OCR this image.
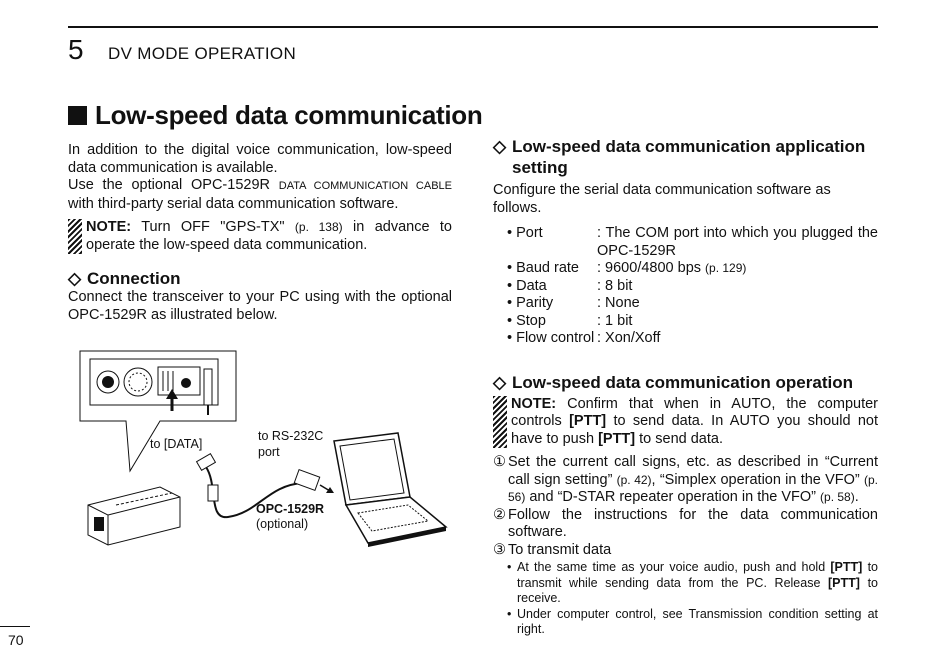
5 DV MODE OPERATION
Low-speed data communication

In addition to the digital voice communication, low-speed data communication is available.

Use the optional OPC-1529R DATA COMMUNICATION CABLE with third-party serial data communication software.

NOTE: Turn OFF "GPS-TX" (p. 138) in advance to operate the low-speed data communication.

◇ Connection

Connect the transceiver to your PC using with the optional OPC-1529R as illustrated below.

to [DATA]
to RS-232C
port
OPC-1529R
(optional)
◇ Low-speed data communication application setting

Configure the serial data communication software as follows.

• Port	: The COM port into which you plugged the OPC-1529R
• Baud rate	: 9600/4800 bps (p. 129)
• Data	: 8 bit
• Parity	: None
• Stop	: 1 bit
• Flow control : Xon/Xoff
◇ Low-speed data communication operation

NOTE: Confirm that when in AUTO, the computer controls [PTT] to send data. In AUTO you should not have to push [PTT] to send data.

① Set the current call signs, etc. as described in “Current call sign setting” (p. 42), “Simplex operation in the VFO” (p. 56) and “D-STAR repeater operation in the VFO” (p. 58).

② Follow the instructions for the data communication software.

③ To transmit data

• At the same time as your voice audio, push and hold [PTT] to transmit while sending data from the PC. Release [PTT] to receive.

• Under computer control, see Transmission condition setting at right.

70
